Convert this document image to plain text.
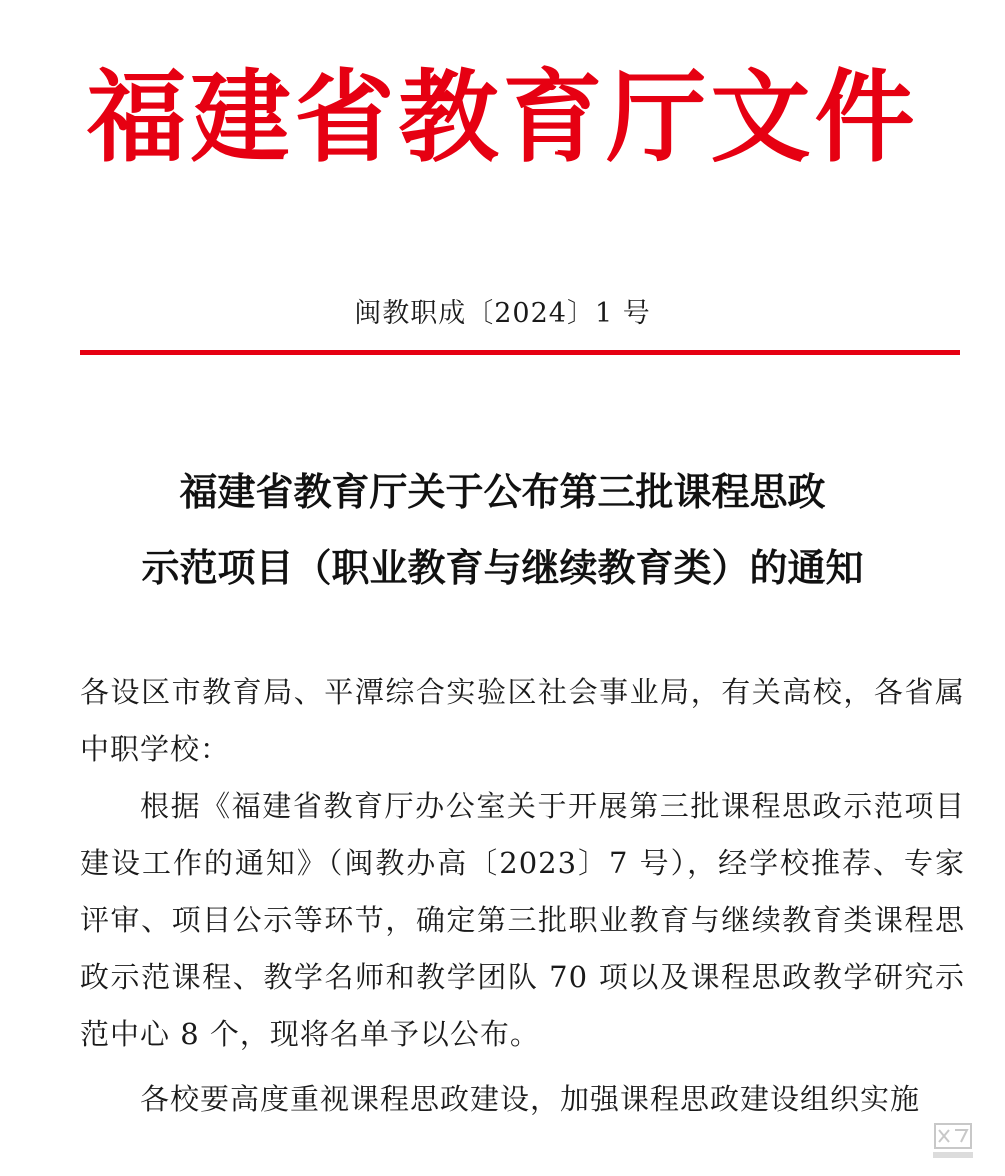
福建省教育厅文件
闽教职成〔2024〕1 号
福建省教育厅关于公布第三批课程思政
示范项目（职业教育与继续教育类）的通知

各设区市教育局、平潭综合实验区社会事业局，有关高校，各省属中职学校：

根据《福建省教育厅办公室关于开展第三批课程思政示范项目建设工作的通知》（闽教办高〔2023〕7 号），经学校推荐、专家评审、项目公示等环节，确定第三批职业教育与继续教育类课程思政示范课程、教学名师和教学团队 70 项以及课程思政教学研究示范中心 8 个，现将名单予以公布。

各校要高度重视课程思政建设，加强课程思政建设组织实施
